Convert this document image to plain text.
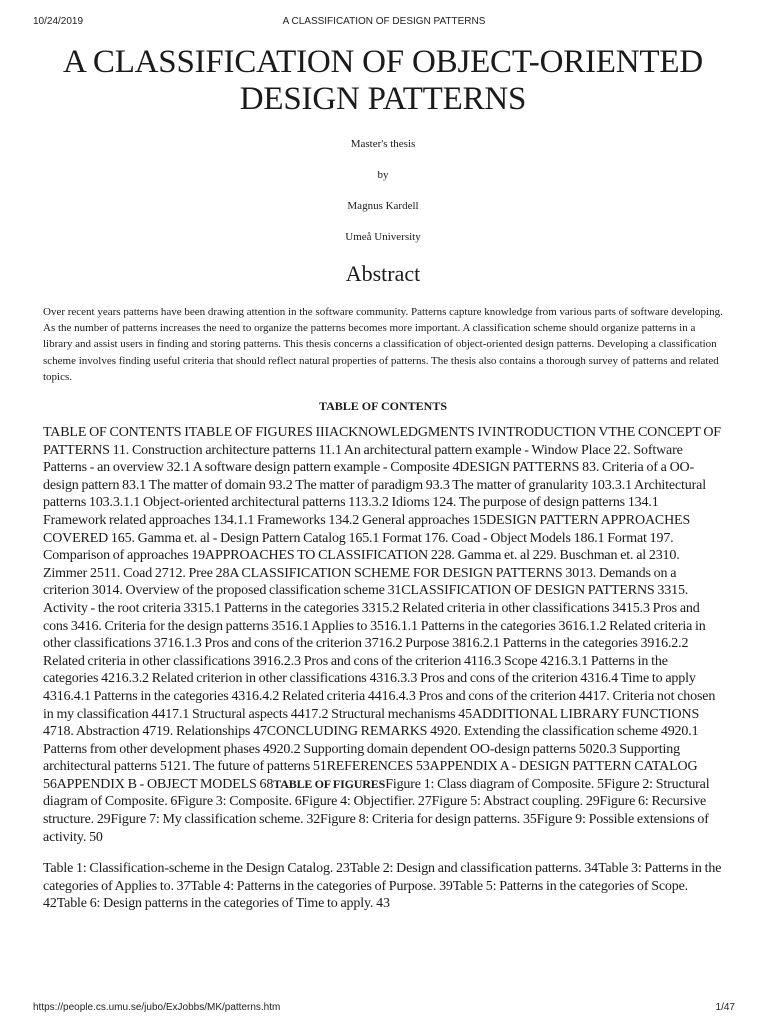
10/24/2019	A CLASSIFICATION OF DESIGN PATTERNS
A CLASSIFICATION OF OBJECT-ORIENTED DESIGN PATTERNS

Master's thesis

by

Magnus Kardell

Umeå University

Abstract

Over recent years patterns have been drawing attention in the software community. Patterns capture knowledge from various parts of software developing. As the number of patterns increases the need to organize the patterns becomes more important. A classification scheme should organize patterns in a library and assist users in finding and storing patterns. This thesis concerns a classification of object-oriented design patterns. Developing a classification scheme involves finding useful criteria that should reflect natural properties of patterns. The thesis also contains a thorough survey of patterns and related topics.

TABLE OF CONTENTS

TABLE OF CONTENTS ITABLE OF FIGURES IIIACKNOWLEDGMENTS IVINTRODUCTION VTHE CONCEPT OF PATTERNS 11. Construction architecture patterns 11.1 An architectural pattern example - Window Place 22. Software Patterns - an overview 32.1 A software design pattern example - Composite 4DESIGN PATTERNS 83. Criteria of a OO-design pattern 83.1 The matter of domain 93.2 The matter of paradigm 93.3 The matter of granularity 103.3.1 Architectural patterns 103.3.1.1 Object-oriented architectural patterns 113.3.2 Idioms 124. The purpose of design patterns 134.1 Framework related approaches 134.1.1 Frameworks 134.2 General approaches 15DESIGN PATTERN APPROACHES COVERED 165. Gamma et. al - Design Pattern Catalog 165.1 Format 176. Coad - Object Models 186.1 Format 197. Comparison of approaches 19APPROACHES TO CLASSIFICATION 228. Gamma et. al 229. Buschman et. al 2310. Zimmer 2511. Coad 2712. Pree 28A CLASSIFICATION SCHEME FOR DESIGN PATTERNS 3013. Demands on a criterion 3014. Overview of the proposed classification scheme 31CLASSIFICATION OF DESIGN PATTERNS 3315. Activity - the root criteria 3315.1 Patterns in the categories 3315.2 Related criteria in other classifications 3415.3 Pros and cons 3416. Criteria for the design patterns 3516.1 Applies to 3516.1.1 Patterns in the categories 3616.1.2 Related criteria in other classifications 3716.1.3 Pros and cons of the criterion 3716.2 Purpose 3816.2.1 Patterns in the categories 3916.2.2 Related criteria in other classifications 3916.2.3 Pros and cons of the criterion 4116.3 Scope 4216.3.1 Patterns in the categories 4216.3.2 Related criterion in other classifications 4316.3.3 Pros and cons of the criterion 4316.4 Time to apply 4316.4.1 Patterns in the categories 4316.4.2 Related criteria 4416.4.3 Pros and cons of the criterion 4417. Criteria not chosen in my classification 4417.1 Structural aspects 4417.2 Structural mechanisms 45ADDITIONAL LIBRARY FUNCTIONS 4718. Abstraction 4719. Relationships 47CONCLUDING REMARKS 4920. Extending the classification scheme 4920.1 Patterns from other development phases 4920.2 Supporting domain dependent OO-design patterns 5020.3 Supporting architectural patterns 5121. The future of patterns 51REFERENCES 53APPENDIX A - DESIGN PATTERN CATALOG 56APPENDIX B - OBJECT MODELS 68TABLE OF FIGURESFigure 1: Class diagram of Composite. 5Figure 2: Structural diagram of Composite. 6Figure 3: Composite. 6Figure 4: Objectifier. 27Figure 5: Abstract coupling. 29Figure 6: Recursive structure. 29Figure 7: My classification scheme. 32Figure 8: Criteria for design patterns. 35Figure 9: Possible extensions of activity. 50

Table 1: Classification-scheme in the Design Catalog. 23Table 2: Design and classification patterns. 34Table 3: Patterns in the categories of Applies to. 37Table 4: Patterns in the categories of Purpose. 39Table 5: Patterns in the categories of Scope. 42Table 6: Design patterns in the categories of Time to apply. 43

https://people.cs.umu.se/jubo/ExJobbs/MK/patterns.htm	1/47
